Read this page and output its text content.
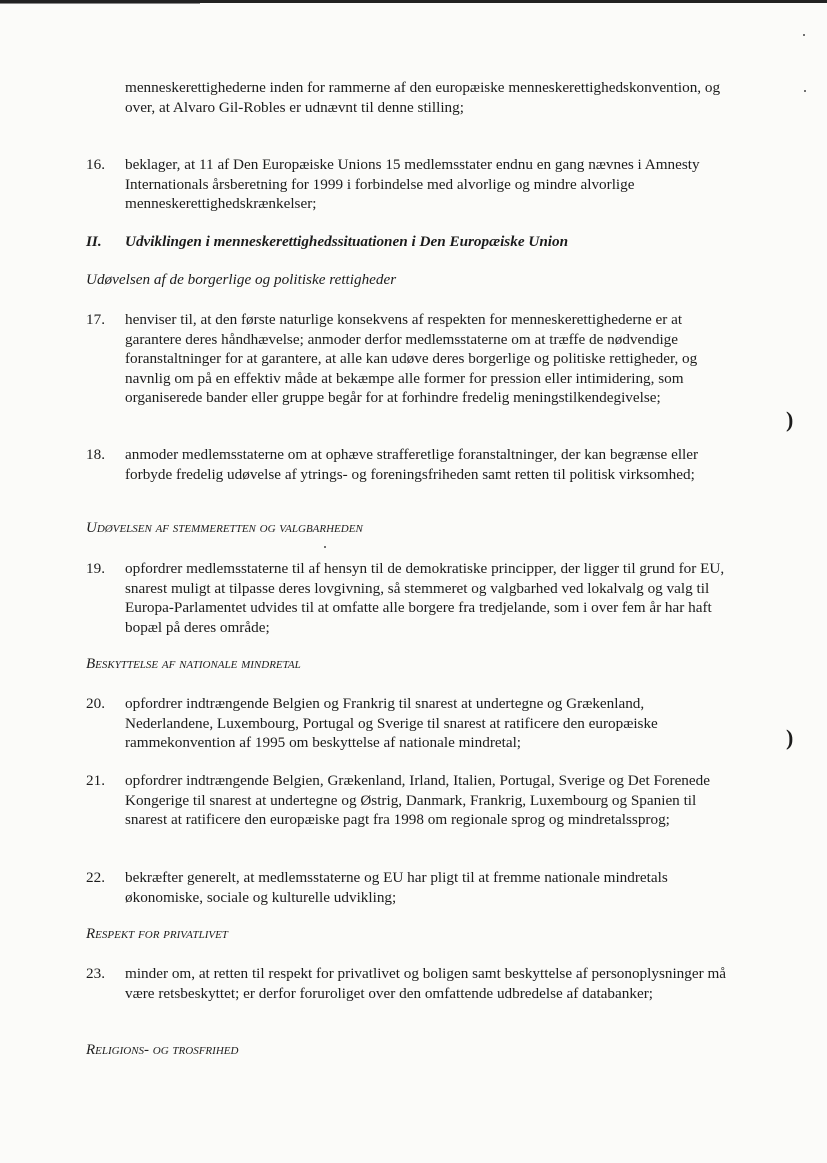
menneskerettighederne inden for rammerne af den europæiske menneskerettighedskonvention, og over, at Alvaro Gil-Robles er udnævnt til denne stilling;
16. beklager, at 11 af Den Europæiske Unions 15 medlemsstater endnu en gang nævnes i Amnesty Internationals årsberetning for 1999 i forbindelse med alvorlige og mindre alvorlige menneskerettighedskrænkelser;
II. Udviklingen i menneskerettighedssituationen i Den Europæiske Union
Udøvelsen af de borgerlige og politiske rettigheder
17. henviser til, at den første naturlige konsekvens af respekten for menneskerettighederne er at garantere deres håndhævelse; anmoder derfor medlemsstaterne om at træffe de nødvendige foranstaltninger for at garantere, at alle kan udøve deres borgerlige og politiske rettigheder, og navnlig om på en effektiv måde at bekæmpe alle former for pression eller intimidering, som organiserede bander eller gruppe begår for at forhindre fredelig meningstilkendegivelse;
18. anmoder medlemsstaterne om at ophæve strafferetlige foranstaltninger, der kan begrænse eller forbyde fredelig udøvelse af ytrings- og foreningsfriheden samt retten til politisk virksomhed;
Udøvelsen af stemmeretten og valgbarheden
19. opfordrer medlemsstaterne til af hensyn til de demokratiske principper, der ligger til grund for EU, snarest muligt at tilpasse deres lovgivning, så stemmeret og valgbarhed ved lokalvalg og valg til Europa-Parlamentet udvides til at omfatte alle borgere fra tredjelande, som i over fem år har haft bopæl på deres område;
Beskyttelse af nationale mindretal
20. opfordrer indtrængende Belgien og Frankrig til snarest at undertegne og Grækenland, Nederlandene, Luxembourg, Portugal og Sverige til snarest at ratificere den europæiske rammekonvention af 1995 om beskyttelse af nationale mindretal;
21. opfordrer indtrængende Belgien, Grækenland, Irland, Italien, Portugal, Sverige og Det Forenede Kongerige til snarest at undertegne og Østrig, Danmark, Frankrig, Luxembourg og Spanien til snarest at ratificere den europæiske pagt fra 1998 om regionale sprog og mindretalssprog;
22. bekræfter generelt, at medlemsstaterne og EU har pligt til at fremme nationale mindretals økonomiske, sociale og kulturelle udvikling;
Respekt for privatlivet
23. minder om, at retten til respekt for privatlivet og boligen samt beskyttelse af personoplysninger må være retsbeskyttet; er derfor foruroliget over den omfattende udbredelse af databanker;
Religions- og trosfrihed
)
)
